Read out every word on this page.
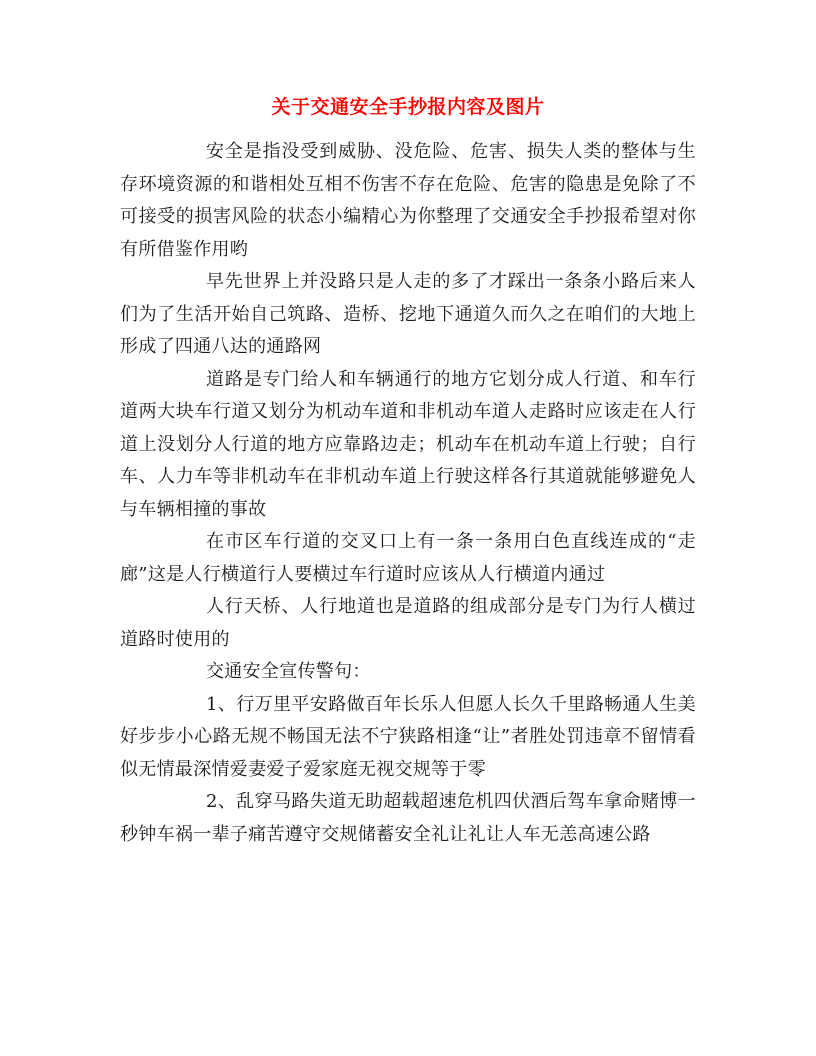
关于交通安全手抄报内容及图片

安全是指没受到威胁、没危险、危害、损失人类的整体与生存环境资源的和谐相处互相不伤害不存在危险、危害的隐患是免除了不可接受的损害风险的状态小编精心为你整理了交通安全手抄报希望对你有所借鉴作用哟

早先世界上并没路只是人走的多了才踩出一条条小路后来人们为了生活开始自己筑路、造桥、挖地下通道久而久之在咱们的大地上形成了四通八达的通路网

道路是专门给人和车辆通行的地方它划分成人行道、和车行道两大块车行道又划分为机动车道和非机动车道人走路时应该走在人行道上没划分人行道的地方应靠路边走；机动车在机动车道上行驶；自行车、人力车等非机动车在非机动车道上行驶这样各行其道就能够避免人与车辆相撞的事故

在市区车行道的交叉口上有一条一条用白色直线连成的“走廊”这是人行横道行人要横过车行道时应该从人行横道内通过

人行天桥、人行地道也是道路的组成部分是专门为行人横过道路时使用的

交通安全宣传警句：

1、行万里平安路做百年长乐人但愿人长久千里路畅通人生美好步步小心路无规不畅国无法不宁狭路相逢“让”者胜处罚违章不留情看似无情最深情爱妻爱子爱家庭无视交规等于零

2、乱穿马路失道无助超载超速危机四伏酒后驾车拿命赌博一秒钟车祸一辈子痛苦遵守交规储蓄安全礼让礼让人车无恙高速公路
